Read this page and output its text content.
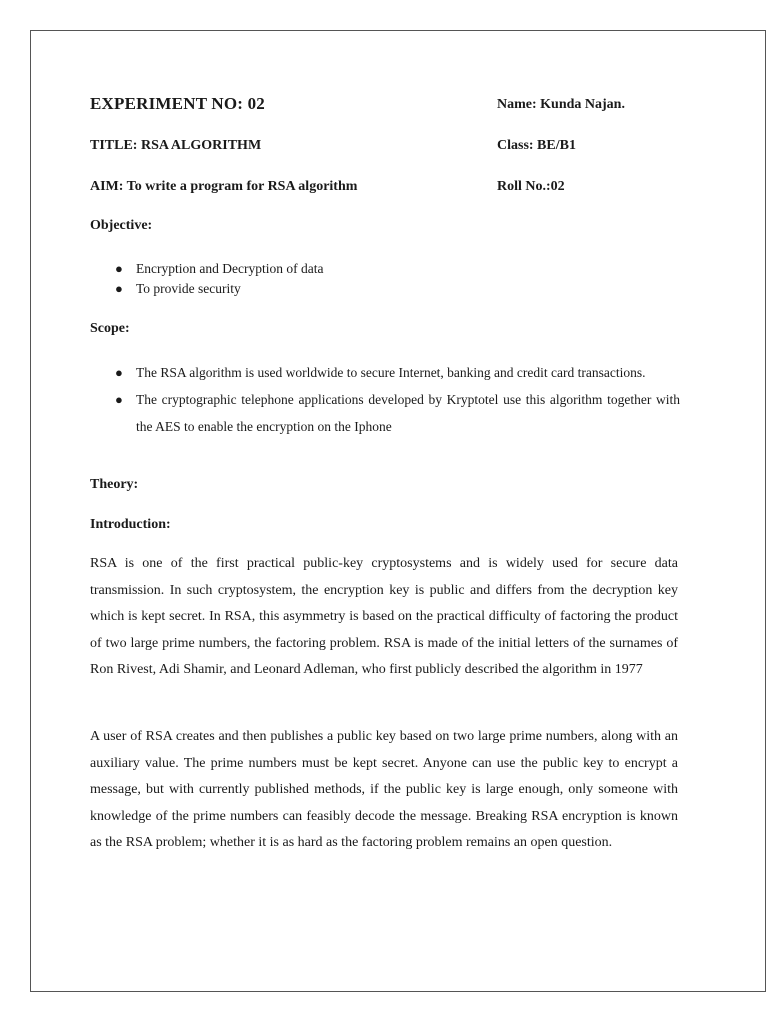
EXPERIMENT NO: 02	Name: Kunda Najan.
TITLE: RSA ALGORITHM	Class: BE/B1
AIM: To write a program for RSA algorithm	Roll No.:02
Objective:
● Encryption and Decryption of data
● To provide security
Scope:
● The RSA algorithm is used worldwide to secure Internet, banking and credit card transactions.
● The cryptographic telephone applications developed by Kryptotel use this algorithm together with the AES to enable the encryption on the Iphone
Theory:
Introduction:

RSA is one of the first practical public-key cryptosystems and is widely used for secure data transmission. In such cryptosystem, the encryption key is public and differs from the decryption key which is kept secret. In RSA, this asymmetry is based on the practical difficulty of factoring the product of two large prime numbers, the factoring problem. RSA is made of the initial letters of the surnames of Ron Rivest, Adi Shamir, and Leonard Adleman, who first publicly described the algorithm in 1977

A user of RSA creates and then publishes a public key based on two large prime numbers, along with an auxiliary value. The prime numbers must be kept secret. Anyone can use the public key to encrypt a message, but with currently published methods, if the public key is large enough, only someone with knowledge of the prime numbers can feasibly decode the message. Breaking RSA encryption is known as the RSA problem; whether it is as hard as the factoring problem remains an open question.
